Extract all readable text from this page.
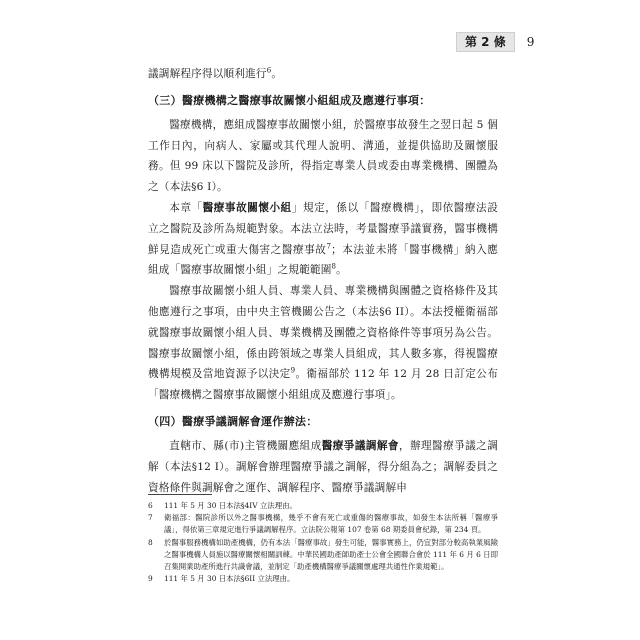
第 2 條	9

議調解程序得以順利進行$^6$。

（三）醫療機構之醫療事故關懷小組組成及應遵行事項：

醫療機構，應組成醫療事故關懷小組，於醫療事故發生之翌日起 5 個工作日內，向病人、家屬或其代理人說明、溝通，並提供協助及關懷服務。但 99 床以下醫院及診所，得指定專業人員或委由專業機構、團體為之（本法§6 I）。

本章「醫療事故關懷小組」規定，係以「醫療機構」，即依醫療法設立之醫院及診所為規範對象。本法立法時，考量醫療爭議實務，醫事機構鮮見造成死亡或重大傷害之醫療事故$^7$；本法並未將「醫事機構」納入應組成「醫療事故關懷小組」之規範範圍$^8$。

醫療事故關懷小組人員、專業人員、專業機構與團體之資格條件及其他應遵行之事項，由中央主管機關公告之（本法§6 II）。本法授權衛福部就醫療事故關懷小組人員、專業機構及團體之資格條件等事項另為公告。醫療事故關懷小組，係由跨領域之專業人員組成，其人數多寡，得視醫療機構規模及當地資源予以決定$^9$。衛福部於 112 年 12 月 28 日訂定公布「醫療機構之醫療事故關懷小組組成及應遵行事項」。

（四）醫療爭議調解會運作辦法：

直轄市、縣(市)主管機關應組成醫療爭議調解會，辦理醫療爭議之調解（本法§12 I）。調解會辦理醫療爭議之調解，得分組為之；調解委員之資格條件與調解會之運作、調解程序、醫療爭議調解申

6	111 年 5 月 30 日本法§4IV 立法理由。
7	衛福部：醫院診所以外之醫事機構，幾乎不會有死亡或重傷的醫療事故，如發生本法所稱「醫療爭議」，得依第三章規定進行爭議調解程序。立法院公報第 107 卷第 68 期委員會紀錄，第 234 頁。
8	於醫事服務機構如助產機構，仍有本法「醫療事故」發生可能，醫事實務上，仍宜對部分較高執業風險之醫事機構人員施以醫療關懷相關訓練。中華民國助產師助產士公會全國聯合會於 111 年 6 月 6 日即召集開業助產所進行共識會議，並制定「助產機構醫療爭議關懷處理共通性作業規範」。
9	111 年 5 月 30 日本法§6II 立法理由。
